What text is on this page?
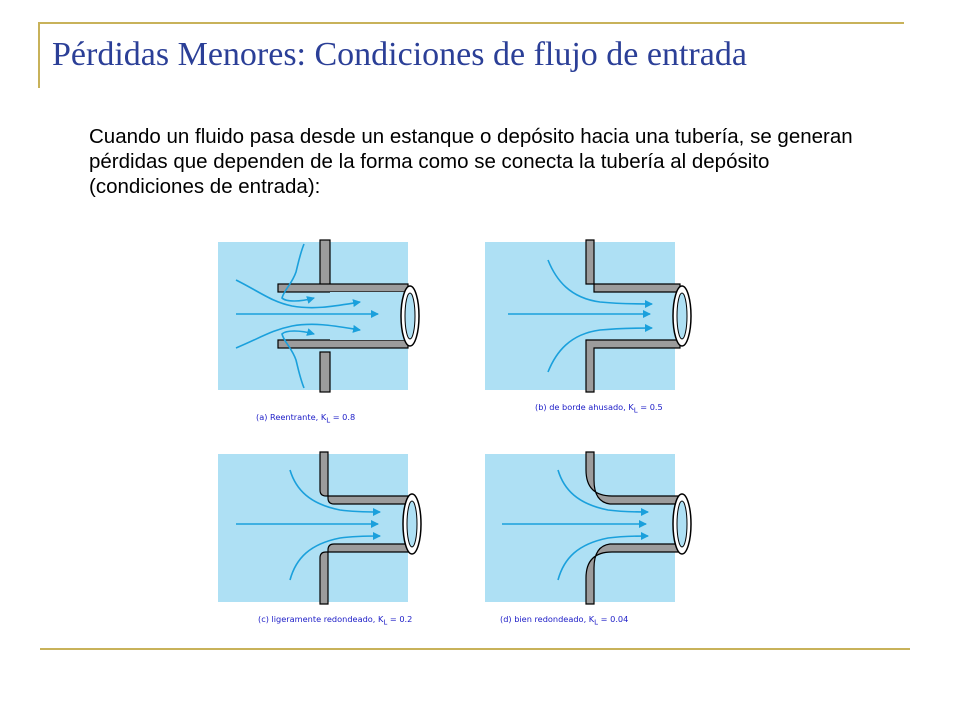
Pérdidas Menores: Condiciones de flujo de entrada
Cuando un fluido pasa desde un estanque o depósito hacia una tubería, se generan pérdidas que dependen de la forma como se conecta la tubería al depósito (condiciones de entrada):
(a) Reentrante, KL = 0.8
(b) de borde ahusado, KL = 0.5
(c) ligeramente redondeado, KL = 0.2	(d) bien redondeado, KL = 0.04
